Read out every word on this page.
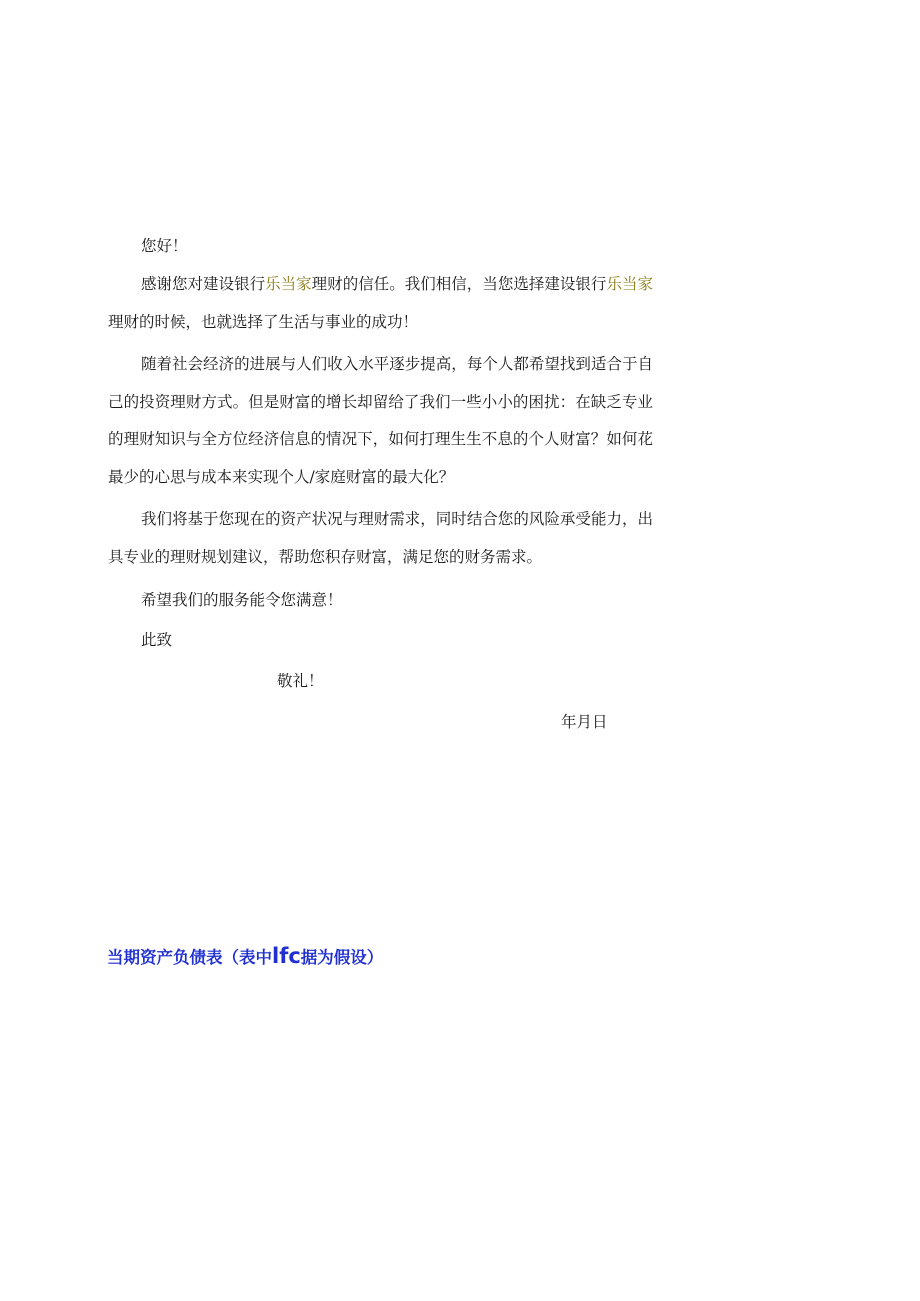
您好！

感谢您对建设银行乐当家理财的信任。我们相信，当您选择建设银行乐当家理财的时候，也就选择了生活与事业的成功！

随着社会经济的进展与人们收入水平逐步提高，每个人都希望找到适合于自己的投资理财方式。但是财富的增长却留给了我们一些小小的困扰：在缺乏专业的理财知识与全方位经济信息的情况下，如何打理生生不息的个人财富？如何花最少的心思与成本来实现个人/家庭财富的最大化？

我们将基于您现在的资产状况与理财需求，同时结合您的风险承受能力，出具专业的理财规划建议，帮助您积存财富，满足您的财务需求。

希望我们的服务能令您满意！

此致

敬礼！

年月日

当期资产负债表（表中lfc据为假设）
